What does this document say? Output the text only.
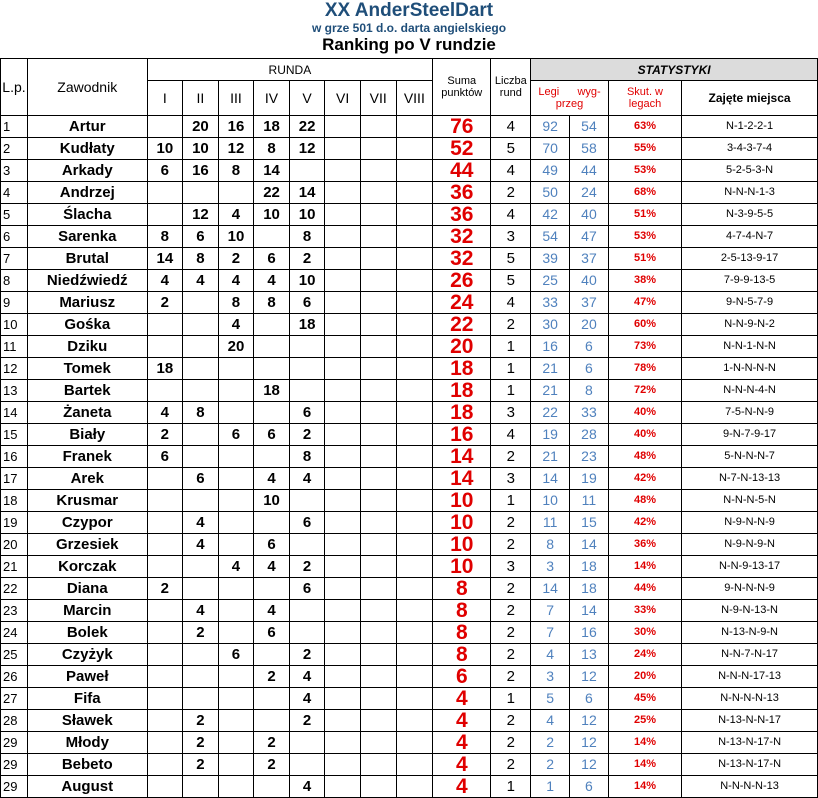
XX AnderSteelDart
w grze 501 d.o. darta angielskiego
Ranking po V rundzie
L.p.	Zawodnik	RUNDA								Suma
punktów	Liczba
rund	STATYSTYKI			
		I	II	III	IV	V	VI	VII	VIII			Legi      wyg-
przeg		Skut. w
legach	Zajęte miejsca
1	Artur		20	16	18	22				76	4	92	54	63%	N-1-2-2-1
2	Kudłaty	10	10	12	8	12				52	5	70	58	55%	3-4-3-7-4
3	Arkady	6	16	8	14					44	4	49	44	53%	5-2-5-3-N
4	Andrzej				22	14				36	2	50	24	68%	N-N-N-1-3
5	Ślacha		12	4	10	10				36	4	42	40	51%	N-3-9-5-5
6	Sarenka	8	6	10		8				32	3	54	47	53%	4-7-4-N-7
7	Brutal	14	8	2	6	2				32	5	39	37	51%	2-5-13-9-17
8	Niedźwiedź	4	4	4	4	10				26	5	25	40	38%	7-9-9-13-5
9	Mariusz	2		8	8	6				24	4	33	37	47%	9-N-5-7-9
10	Gośka			4		18				22	2	30	20	60%	N-N-9-N-2
11	Dziku			20						20	1	16	6	73%	N-N-1-N-N
12	Tomek	18								18	1	21	6	78%	1-N-N-N-N
13	Bartek				18					18	1	21	8	72%	N-N-N-4-N
14	Żaneta	4	8			6				18	3	22	33	40%	7-5-N-N-9
15	Biały	2		6	6	2				16	4	19	28	40%	9-N-7-9-17
16	Franek	6				8				14	2	21	23	48%	5-N-N-N-7
17	Arek		6		4	4				14	3	14	19	42%	N-7-N-13-13
18	Krusmar				10					10	1	10	11	48%	N-N-N-5-N
19	Czypor		4			6				10	2	11	15	42%	N-9-N-N-9
20	Grzesiek		4		6					10	2	8	14	36%	N-9-N-9-N
21	Korczak			4	4	2				10	3	3	18	14%	N-N-9-13-17
22	Diana	2				6				8	2	14	18	44%	9-N-N-N-9
23	Marcin		4		4					8	2	7	14	33%	N-9-N-13-N
24	Bolek		2		6					8	2	7	16	30%	N-13-N-9-N
25	Czyżyk			6		2				8	2	4	13	24%	N-N-7-N-17
26	Paweł				2	4				6	2	3	12	20%	N-N-N-17-13
27	Fifa					4				4	1	5	6	45%	N-N-N-N-13
28	Sławek		2			2				4	2	4	12	25%	N-13-N-N-17
29	Młody		2		2					4	2	2	12	14%	N-13-N-17-N
29	Bebeto		2		2					4	2	2	12	14%	N-13-N-17-N
29	August					4				4	1	1	6	14%	N-N-N-N-13
